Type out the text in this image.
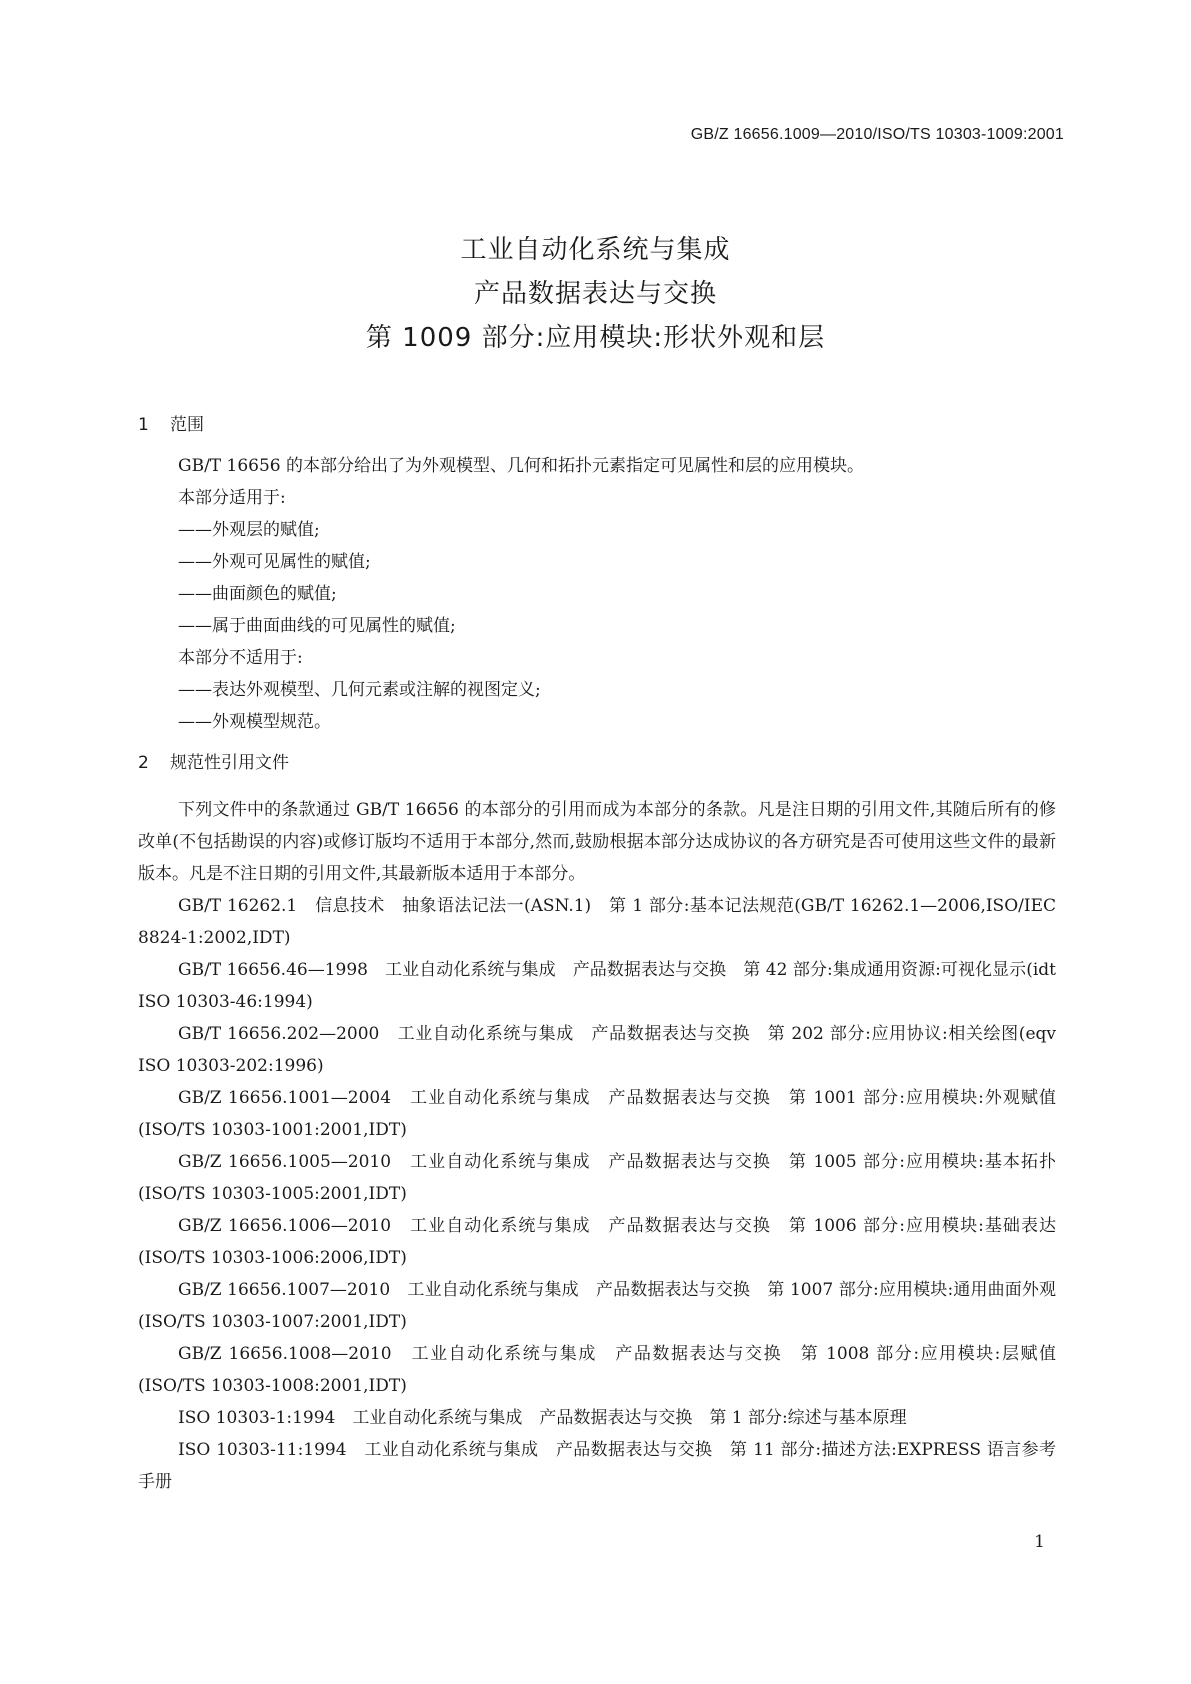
GB/Z 16656.1009—2010/ISO/TS 10303-1009:2001
工业自动化系统与集成
产品数据表达与交换
第 1009 部分:应用模块:形状外观和层
1 范围

GB/T 16656 的本部分给出了为外观模型、几何和拓扑元素指定可见属性和层的应用模块。

本部分适用于:
——外观层的赋值;
——外观可见属性的赋值;
——曲面颜色的赋值;
——属于曲面曲线的可见属性的赋值;
本部分不适用于:
——表达外观模型、几何元素或注解的视图定义;
——外观模型规范。
2 规范性引用文件

下列文件中的条款通过 GB/T 16656 的本部分的引用而成为本部分的条款。凡是注日期的引用文件,其随后所有的修改单(不包括勘误的内容)或修订版均不适用于本部分,然而,鼓励根据本部分达成协议的各方研究是否可使用这些文件的最新版本。凡是不注日期的引用文件,其最新版本适用于本部分。

GB/T 16262.1　信息技术　抽象语法记法一(ASN.1)　第 1 部分:基本记法规范(GB/T 16262.1—2006,ISO/IEC 8824-1:2002,IDT)

GB/T 16656.46—1998　工业自动化系统与集成　产品数据表达与交换　第 42 部分:集成通用资源:可视化显示(idt ISO 10303-46:1994)

GB/T 16656.202—2000　工业自动化系统与集成　产品数据表达与交换　第 202 部分:应用协议:相关绘图(eqv ISO 10303-202:1996)

GB/Z 16656.1001—2004　工业自动化系统与集成　产品数据表达与交换　第 1001 部分:应用模块:外观赋值(ISO/TS 10303-1001:2001,IDT)

GB/Z 16656.1005—2010　工业自动化系统与集成　产品数据表达与交换　第 1005 部分:应用模块:基本拓扑(ISO/TS 10303-1005:2001,IDT)

GB/Z 16656.1006—2010　工业自动化系统与集成　产品数据表达与交换　第 1006 部分:应用模块:基础表达(ISO/TS 10303-1006:2006,IDT)

GB/Z 16656.1007—2010　工业自动化系统与集成　产品数据表达与交换　第 1007 部分:应用模块:通用曲面外观(ISO/TS 10303-1007:2001,IDT)

GB/Z 16656.1008—2010　工业自动化系统与集成　产品数据表达与交换　第 1008 部分:应用模块:层赋值(ISO/TS 10303-1008:2001,IDT)

ISO 10303-1:1994　工业自动化系统与集成　产品数据表达与交换　第 1 部分:综述与基本原理

ISO 10303-11:1994　工业自动化系统与集成　产品数据表达与交换　第 11 部分:描述方法:EXPRESS 语言参考手册

1
